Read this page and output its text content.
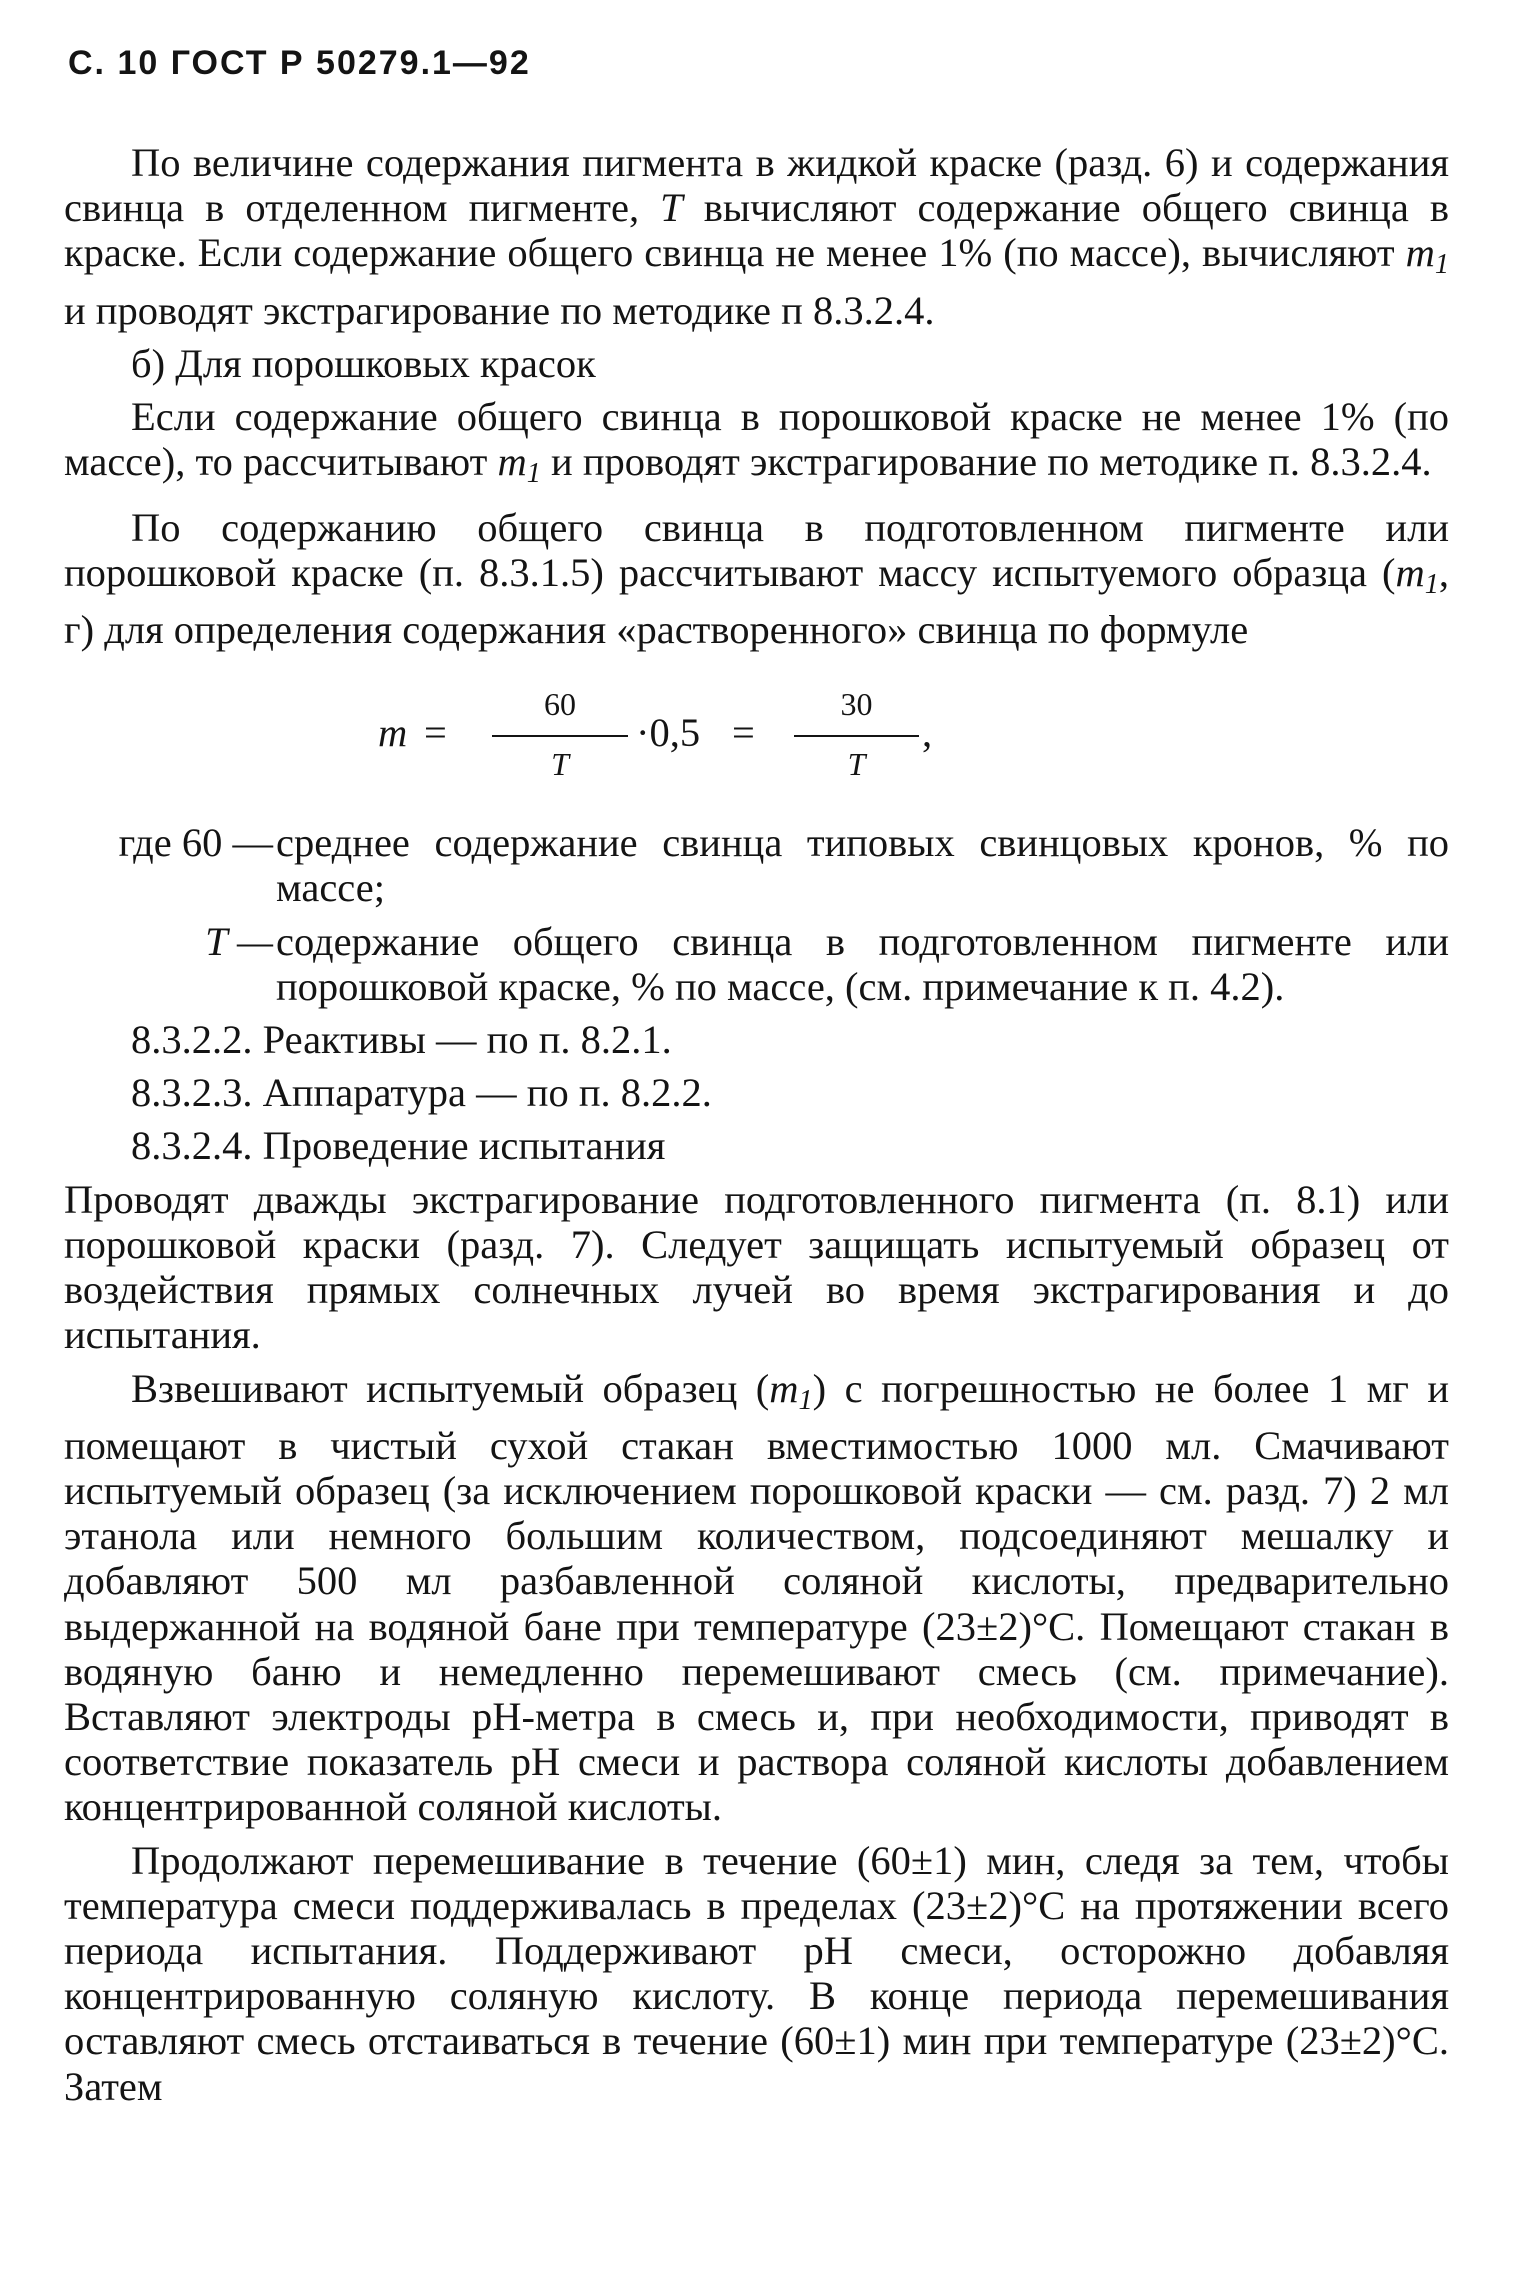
С. 10 ГОСТ Р 50279.1—92

По величине содержания пигмента в жидкой краске (разд. 6) и содержания свинца в отделенном пигменте, T вычисляют содержание общего свинца в краске. Если содержание общего свинца не менее 1% (по массе), вычисляют $m_1$ и проводят экстрагирование по методике п 8.3.2.4.

б) Для порошковых красок

Если содержание общего свинца в порошковой краске не менее 1% (по массе), то рассчитывают $m_1$ и проводят экстрагирование по методике п. 8.3.2.4.

По содержанию общего свинца в подготовленном пигменте или порошковой краске (п. 8.3.1.5) рассчитывают массу испытуемого образца ($m_1$, г) для определения содержания «растворенного» свинца по формуле

m =
60
T
·0,5 =
30
T
,
где 60 — среднее содержание свинца типовых свинцовых кронов, % по массе;
T — содержание общего свинца в подготовленном пигменте или порошковой краске, % по массе, (см. примечание к п. 4.2).

8.3.2.2. Реактивы — по п. 8.2.1.

8.3.2.3. Аппаратура — по п. 8.2.2.

8.3.2.4. Проведение испытания

Проводят дважды экстрагирование подготовленного пигмента (п. 8.1) или порошковой краски (разд. 7). Следует защищать испытуемый образец от воздействия прямых солнечных лучей во время экстрагирования и до испытания.

Взвешивают испытуемый образец $(m_1)$ с погрешностью не более 1 мг и помещают в чистый сухой стакан вместимостью 1000 мл. Смачивают испытуемый образец (за исключением порошковой краски — см. разд. 7) 2 мл этанола или немного большим количеством, подсоединяют мешалку и добавляют 500 мл разбавленной соляной кислоты, предварительно выдержанной на водяной бане при температуре (23±2)°C. Помещают стакан в водяную баню и немедленно перемешивают смесь (см. примечание). Вставляют электроды pH-метра в смесь и, при необходимости, приводят в соответствие показатель pH смеси и раствора соляной кислоты добавлением концентрированной соляной кислоты.

Продолжают перемешивание в течение (60±1) мин, следя за тем, чтобы температура смеси поддерживалась в пределах (23±2)°C на протяжении всего периода испытания. Поддерживают pH смеси, осторожно добавляя концентрированную соляную кислоту. В конце периода перемешивания оставляют смесь отстаиваться в течение (60±1) мин при температуре (23±2)°C. Затем
